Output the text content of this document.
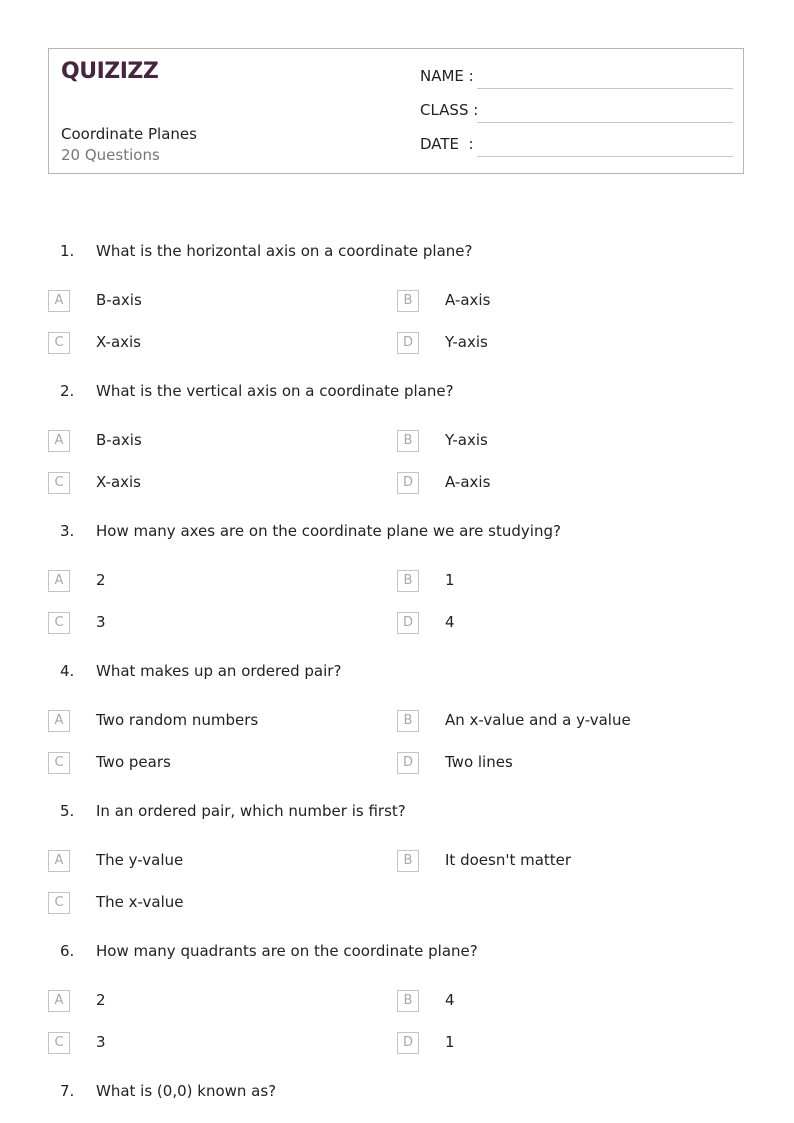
QUIZIZZ
Coordinate Planes
20 Questions
NAME :
CLASS :
DATE  :
1. What is the horizontal axis on a coordinate plane?
A	B-axis	B	A-axis
C	X-axis	D	Y-axis
2. What is the vertical axis on a coordinate plane?
A	B-axis	B	Y-axis
C	X-axis	D	A-axis
3. How many axes are on the coordinate plane we are studying?
A	2	B	1
C	3	D	4
4. What makes up an ordered pair?
A	Two random numbers	B	An x-value and a y-value
C	Two pears	D	Two lines
5. In an ordered pair, which number is first?
A	The y-value	B	It doesn't matter
C	The x-value
6. How many quadrants are on the coordinate plane?
A	2	B	4
C	3	D	1
7. What is (0,0) known as?
